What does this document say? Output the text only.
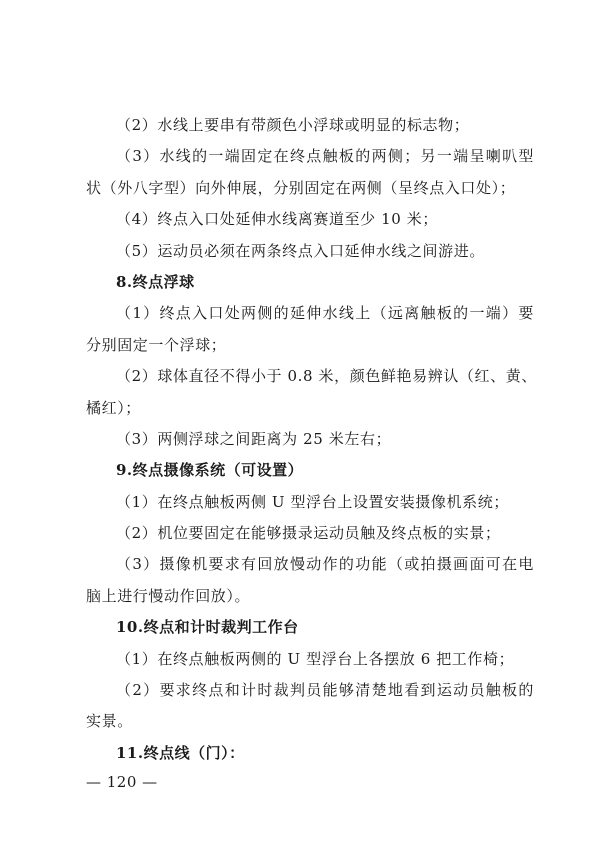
（2）水线上要串有带颜色小浮球或明显的标志物；
（3）水线的一端固定在终点触板的两侧；另一端呈喇叭型
状（外八字型）向外伸展，分别固定在两侧（呈终点入口处）；
（4）终点入口处延伸水线离赛道至少 10 米；
（5）运动员必须在两条终点入口延伸水线之间游进。
8.终点浮球
（1）终点入口处两侧的延伸水线上（远离触板的一端）要
分别固定一个浮球；
（2）球体直径不得小于 0.8 米，颜色鲜艳易辨认（红、黄、
橘红）；
（3）两侧浮球之间距离为 25 米左右；
9.终点摄像系统（可设置）
（1）在终点触板两侧 U 型浮台上设置安装摄像机系统；
（2）机位要固定在能够摄录运动员触及终点板的实景；
（3）摄像机要求有回放慢动作的功能（或拍摄画面可在电
脑上进行慢动作回放）。
10.终点和计时裁判工作台
（1）在终点触板两侧的 U 型浮台上各摆放 6 把工作椅；
（2）要求终点和计时裁判员能够清楚地看到运动员触板的
实景。
11.终点线（门）：
— 120 —
